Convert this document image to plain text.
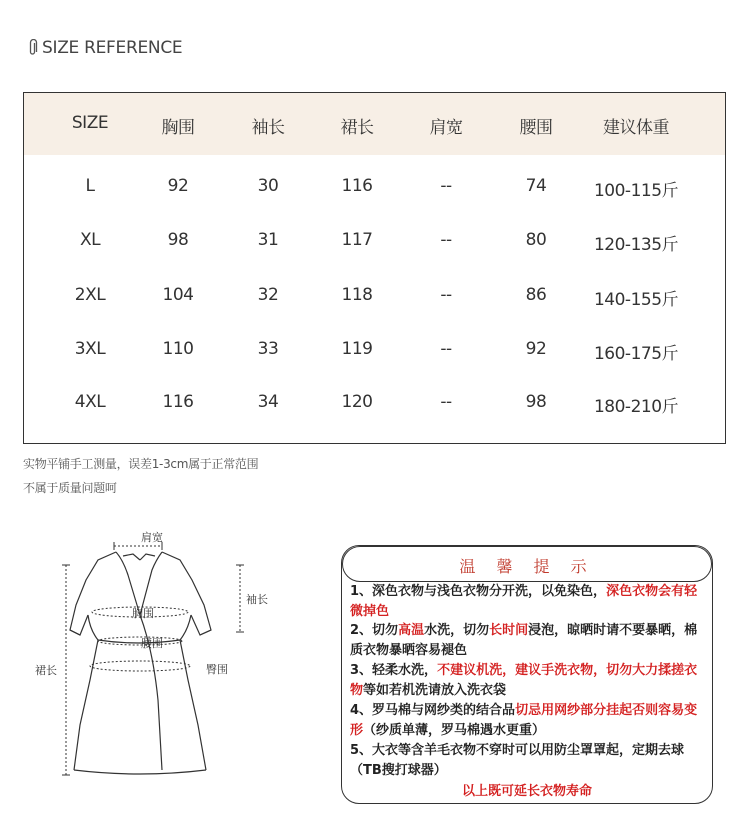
SIZE REFERENCE
SIZE	胸围	袖长	裙长	肩宽	腰围	建议体重
L	92	30	116	--	74	100-115斤
XL	98	31	117	--	80	120-135斤
2XL	104	32	118	--	86	140-155斤
3XL	110	33	119	--	92	160-175斤
4XL	116	34	120	--	98	180-210斤
实物平铺手工测量，误差1-3cm属于正常范围
不属于质量问题呵
肩宽
袖长
胸围
腰围
臀围
裙长
温 馨 提 示
1、深色衣物与浅色衣物分开洗，以免染色，深色衣物会有轻微掉色
2、切勿高温水洗，切勿长时间浸泡，晾晒时请不要暴晒，棉质衣物暴晒容易褪色
3、轻柔水洗，不建议机洗，建议手洗衣物，切勿大力揉搓衣物等如若机洗请放入洗衣袋
4、罗马棉与网纱类的结合品切忌用网纱部分挂起否则容易变形（纱质单薄，罗马棉遇水更重）
5、大衣等含羊毛衣物不穿时可以用防尘罩罩起，定期去球（TB搜打球器）
以上既可延长衣物寿命
